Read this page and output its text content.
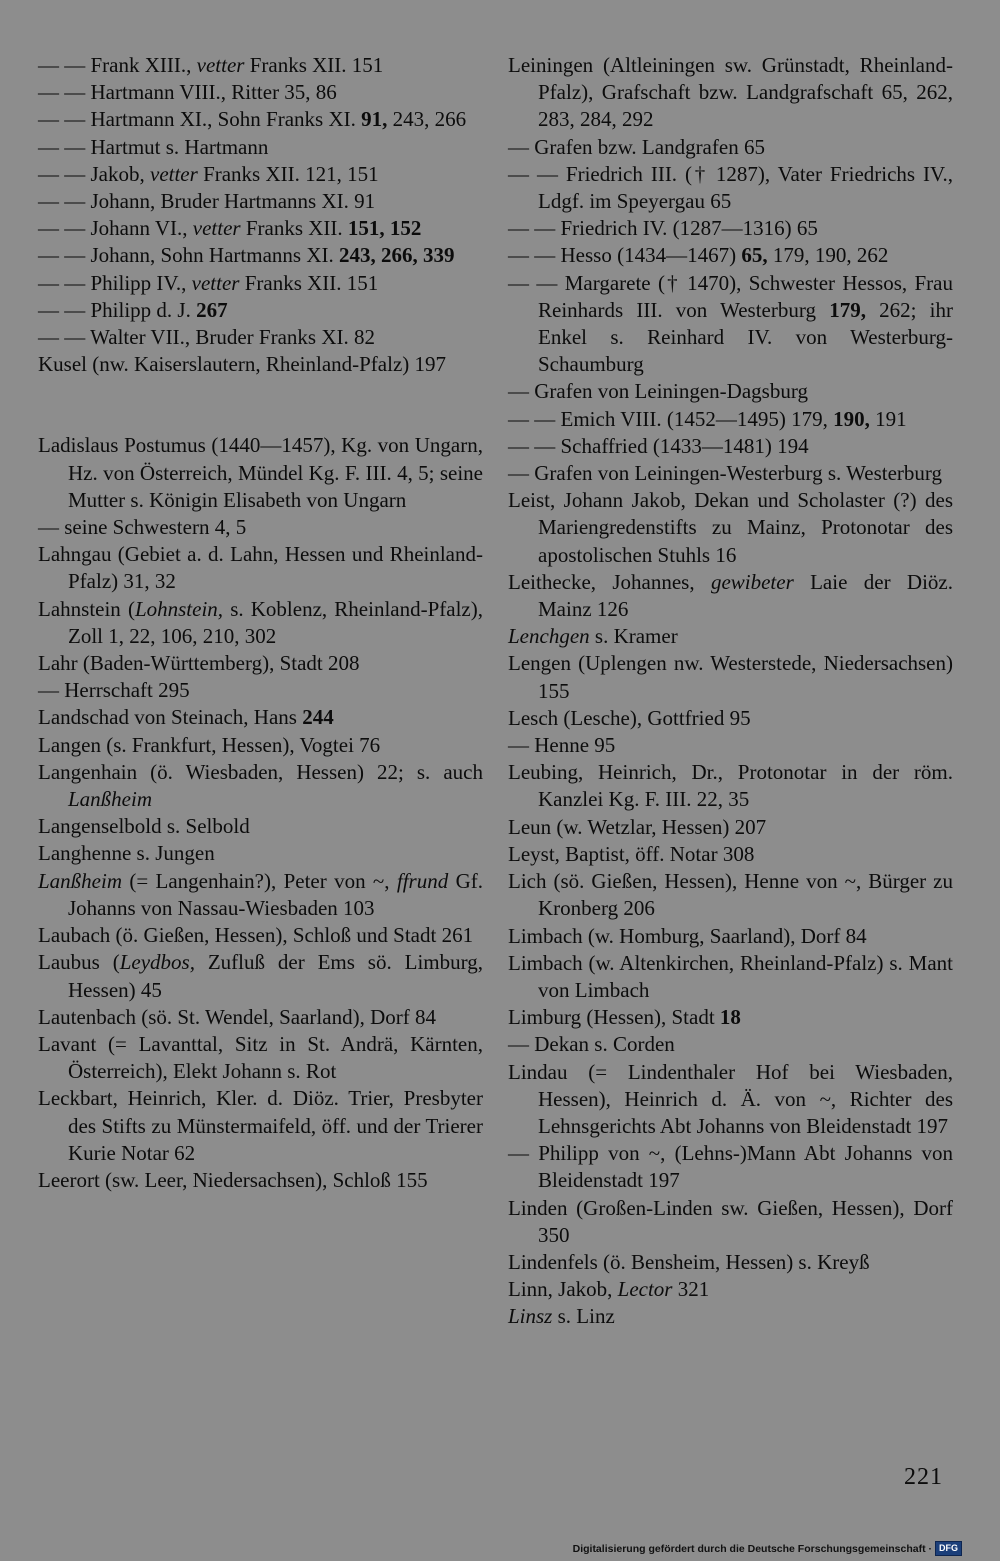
— — Frank XIII., vetter Franks XII. 151

— — Hartmann VIII., Ritter 35, 86

— — Hartmann XI., Sohn Franks XI. 91, 243, 266

— — Hartmut s. Hartmann

— — Jakob, vetter Franks XII. 121, 151

— — Johann, Bruder Hartmanns XI. 91

— — Johann VI., vetter Franks XII. 151, 152

— — Johann, Sohn Hartmanns XI. 243, 266, 339

— — Philipp IV., vetter Franks XII. 151

— — Philipp d. J. 267

— — Walter VII., Bruder Franks XI. 82

Kusel (nw. Kaiserslautern, Rheinland-Pfalz) 197

Ladislaus Postumus (1440—1457), Kg. von Ungarn, Hz. von Österreich, Mündel Kg. F. III. 4, 5; seine Mutter s. Königin Elisabeth von Ungarn

— seine Schwestern 4, 5

Lahngau (Gebiet a. d. Lahn, Hessen und Rheinland-Pfalz) 31, 32

Lahnstein (Lohnstein, s. Koblenz, Rheinland-Pfalz), Zoll 1, 22, 106, 210, 302

Lahr (Baden-Württemberg), Stadt 208

— Herrschaft 295

Landschad von Steinach, Hans 244

Langen (s. Frankfurt, Hessen), Vogtei 76

Langenhain (ö. Wiesbaden, Hessen) 22; s. auch Lanßheim

Langenselbold s. Selbold

Langhenne s. Jungen

Lanßheim (= Langenhain?), Peter von ~, ffrund Gf. Johanns von Nassau-Wiesbaden 103

Laubach (ö. Gießen, Hessen), Schloß und Stadt 261

Laubus (Leydbos, Zufluß der Ems sö. Limburg, Hessen) 45

Lautenbach (sö. St. Wendel, Saarland), Dorf 84

Lavant (= Lavanttal, Sitz in St. Andrä, Kärnten, Österreich), Elekt Johann s. Rot

Leckbart, Heinrich, Kler. d. Diöz. Trier, Presbyter des Stifts zu Münstermaifeld, öff. und der Trierer Kurie Notar 62

Leerort (sw. Leer, Niedersachsen), Schloß 155

Leiningen (Altleiningen sw. Grünstadt, Rheinland-Pfalz), Grafschaft bzw. Landgrafschaft 65, 262, 283, 284, 292

— Grafen bzw. Landgrafen 65

— — Friedrich III. († 1287), Vater Friedrichs IV., Ldgf. im Speyergau 65

— — Friedrich IV. (1287—1316) 65

— — Hesso (1434—1467) 65, 179, 190, 262

— — Margarete († 1470), Schwester Hessos, Frau Reinhards III. von Westerburg 179, 262; ihr Enkel s. Reinhard IV. von Westerburg-Schaumburg

— Grafen von Leiningen-Dagsburg

— — Emich VIII. (1452—1495) 179, 190, 191

— — Schaffried (1433—1481) 194

— Grafen von Leiningen-Westerburg s. Westerburg

Leist, Johann Jakob, Dekan und Scholaster (?) des Mariengredenstifts zu Mainz, Protonotar des apostolischen Stuhls 16

Leithecke, Johannes, gewibeter Laie der Diöz. Mainz 126

Lenchgen s. Kramer

Lengen (Uplengen nw. Westerstede, Niedersachsen) 155

Lesch (Lesche), Gottfried 95

— Henne 95

Leubing, Heinrich, Dr., Protonotar in der röm. Kanzlei Kg. F. III. 22, 35

Leun (w. Wetzlar, Hessen) 207

Leyst, Baptist, öff. Notar 308

Lich (sö. Gießen, Hessen), Henne von ~, Bürger zu Kronberg 206

Limbach (w. Homburg, Saarland), Dorf 84

Limbach (w. Altenkirchen, Rheinland-Pfalz) s. Mant von Limbach

Limburg (Hessen), Stadt 18

— Dekan s. Corden

Lindau (= Lindenthaler Hof bei Wiesbaden, Hessen), Heinrich d. Ä. von ~, Richter des Lehnsgerichts Abt Johanns von Bleidenstadt 197

— Philipp von ~, (Lehns-)Mann Abt Johanns von Bleidenstadt 197

Linden (Großen-Linden sw. Gießen, Hessen), Dorf 350

Lindenfels (ö. Bensheim, Hessen) s. Kreyß

Linn, Jakob, Lector 321

Linsz s. Linz

221
Digitalisierung gefördert durch die Deutsche Forschungsgemeinschaft · DFG
